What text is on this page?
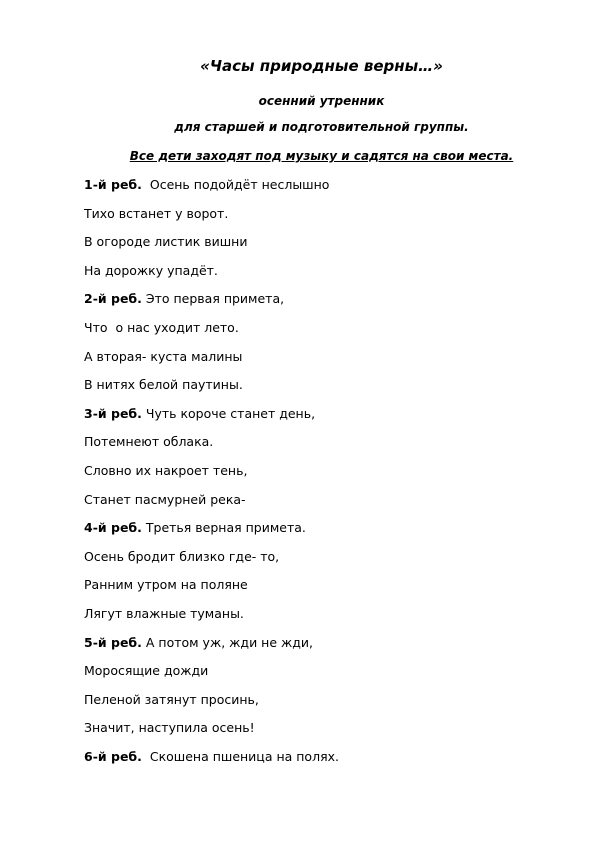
«Часы природные верны…»
осенний утренник
для старшей и подготовительной группы.
Все дети заходят под музыку и садятся на свои места.
1-й реб.  Осень подойдёт неслышно
Тихо встанет у ворот.
В огороде листик вишни
На дорожку упадёт.
2-й реб. Это первая примета,
Что  о нас уходит лето.
А вторая- куста малины
В нитях белой паутины.
3-й реб. Чуть короче станет день,
Потемнеют облака.
Словно их накроет тень,
Станет пасмурней река-
4-й реб. Третья верная примета.
Осень бродит близко где- то,
Ранним утром на поляне
Лягут влажные туманы.
5-й реб. А потом уж, жди не жди,
Моросящие дожди
Пеленой затянут просинь,
Значит, наступила осень!
6-й реб.  Скошена пшеница на полях.
